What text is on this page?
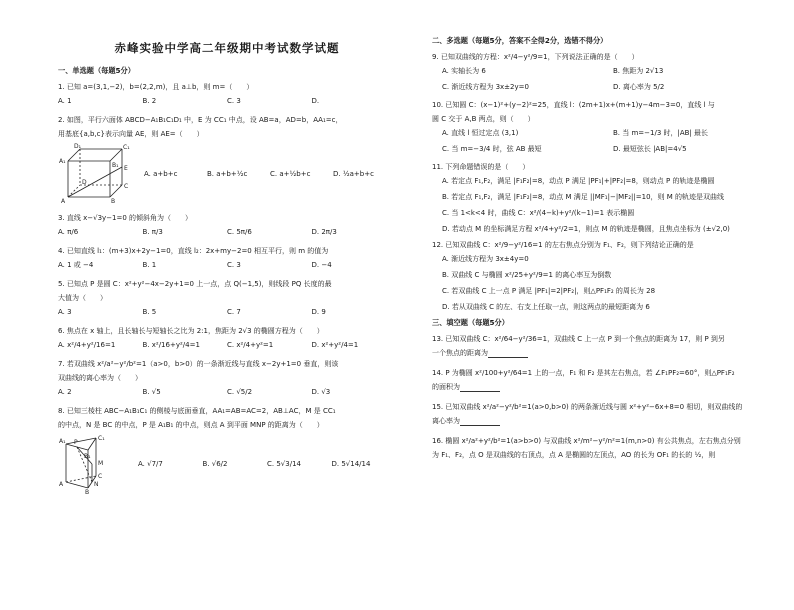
赤峰实验中学高二年级期中考试数学试题
一、单选题（每题5分）
1. 已知 a=(3,1,−2)，b=(2,2,m)，且 a⊥b，则 m=（　　）
A. 1	B. 2	C. 3	D.
2. 如图，平行六面体 ABCD−A₁B₁C₁D₁ 中，E 为 CC₁ 中点，设 AB=a，AD=b，AA₁=c，
用基底{a,b,c}表示向量 AE，则 AE=（　　）
D₁	C₁
A₁
B₁ E
D
C
A	B
A. a+b+c	B. a+b+½c	C. a+½b+c	D. ½a+b+c
3. 直线 x−√3y−1=0 的倾斜角为（　　）
A. π/6	B. π/3	C. 5π/6	D. 2π/3
4. 已知直线 l₁：(m+3)x+2y−1=0，直线 l₂：2x+my−2=0 相互平行，则 m 的值为
A. 1 或 −4	B. 1	C. 3	D. −4
5. 已知点 P 是圆 C：x²+y²−4x−2y+1=0 上一点，点 Q(−1,5)，则线段 PQ 长度的最
大值为（　　）
A. 3	B. 5	C. 7	D. 9
6. 焦点在 x 轴上，且长轴长与短轴长之比为 2:1，焦距为 2√3 的椭圆方程为（　　）
A. x²/4+y²/16=1	B. x²/16+y²/4=1	C. x²/4+y²=1	D. x²+y²/4=1
7. 若双曲线 x²/a²−y²/b²=1（a>0，b>0）的一条渐近线与直线 x−2y+1=0 垂直，则该
双曲线的离心率为（　　）
A. 2	B. √5	C. √5/2	D. √3
8. 已知三棱柱 ABC−A₁B₁C₁ 的侧棱与底面垂直，AA₁=AB=AC=2，AB⊥AC，M 是 CC₁
的中点，N 是 BC 的中点，P 是 A₁B₁ 的中点，则点 A 到平面 MNP 的距离为（　　）
A₁	C₁
B₁
P
M
A	N
C
B
A. √7/7	B. √6/2	C. 5√3/14	D. 5√14/14
二、多选题（每题5分，答案不全得2分，选错不得分）
9. 已知双曲线的方程：x²/4−y²/9=1，下列说法正确的是（　　）
A. 实轴长为 6	B. 焦距为 2√13
C. 渐近线方程为 3x±2y=0	D. 离心率为 5/2
10. 已知圆 C：(x−1)²+(y−2)²=25，直线 l：(2m+1)x+(m+1)y−4m−3=0，直线 l 与
圆 C 交于 A,B 两点，则（　　）
A. 直线 l 恒过定点 (3,1)	B. 当 m=−1/3 时，|AB| 最长
C. 当 m=−3/4 时，弦 AB 最短	D. 最短弦长 |AB|=4√5
11. 下列命题错误的是（　　）
A. 若定点 F₁,F₂，满足 |F₁F₂|=8，动点 P 满足 |PF₁|+|PF₂|=8，则动点 P 的轨迹是椭圆
B. 若定点 F₁,F₂，满足 |F₁F₂|=8，动点 M 满足 ||MF₁|−|MF₂||=10，则 M 的轨迹是双曲线
C. 当 1<k<4 时，曲线 C：x²/(4−k)+y²/(k−1)=1 表示椭圆
D. 若动点 M 的坐标满足方程 x²/4+y²/2=1，则点 M 的轨迹是椭圆，且焦点坐标为 (±√2,0)
12. 已知双曲线 C：x²/9−y²/16=1 的左右焦点分别为 F₁、F₂，则下列结论正确的是
A. 渐近线方程为 3x±4y=0
B. 双曲线 C 与椭圆 x²/25+y²/9=1 的离心率互为倒数
C. 若双曲线 C 上一点 P 满足 |PF₁|=2|PF₂|，则△PF₁F₂ 的周长为 28
D. 若从双曲线 C 的左、右支上任取一点，则这两点的最短距离为 6
三、填空题（每题5分）
13. 已知双曲线 C：x²/64−y²/36=1，双曲线 C 上一点 P 到一个焦点的距离为 17，则 P 到另
一个焦点的距离为
14. P 为椭圆 x²/100+y²/64=1 上的一点，F₁ 和 F₂ 是其左右焦点，若 ∠F₁PF₂=60°，则△PF₁F₂
的面积为
15. 已知双曲线 x²/a²−y²/b²=1(a>0,b>0) 的两条渐近线与圆 x²+y²−6x+8=0 相切，则双曲线的
离心率为
16. 椭圆 x²/a²+y²/b²=1(a>b>0) 与双曲线 x²/m²−y²/n²=1(m,n>0) 有公共焦点，左右焦点分别
为 F₁、F₂，点 O 是双曲线的右顶点，点 A 是椭圆的左顶点，AO 的长为 OF₁ 的长的 ½，则
